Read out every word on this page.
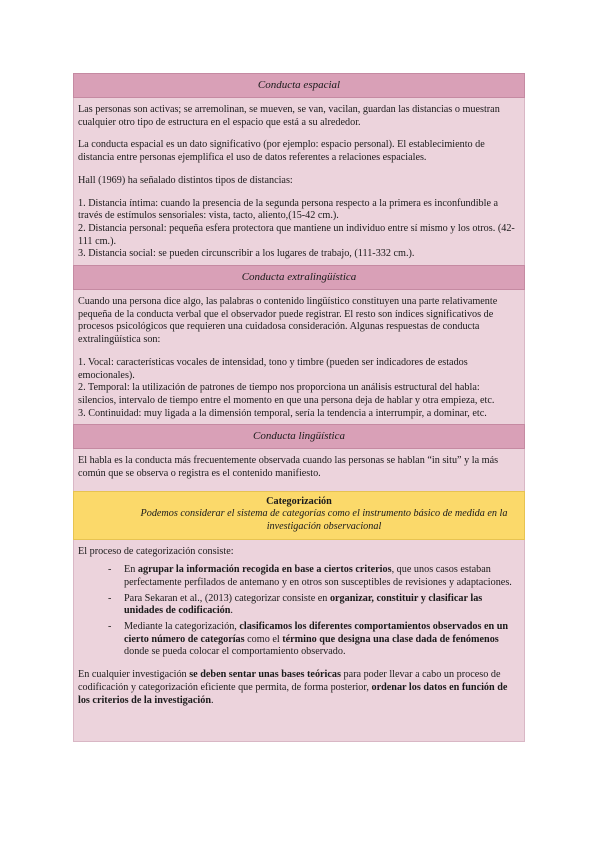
Conducta espacial

Las personas son activas; se arremolinan, se mueven, se van, vacilan, guardan las distancias o muestran cualquier otro tipo de estructura en el espacio que está a su alrededor.

La conducta espacial es un dato significativo (por ejemplo: espacio personal). El establecimiento de distancia entre personas ejemplifica el uso de datos referentes a relaciones espaciales.

Hall (1969) ha señalado distintos tipos de distancias:

1. Distancia íntima: cuando la presencia de la segunda persona respecto a la primera es inconfundible a través de estímulos sensoriales: vista, tacto, aliento,(15-42 cm.).
2. Distancia personal: pequeña esfera protectora que mantiene un individuo entre sí mismo y los otros. (42-111 cm.).
3. Distancia social: se pueden circunscribir a los lugares de trabajo, (111-332 cm.).
Conducta extralingüística

Cuando una persona dice algo, las palabras o contenido lingüístico constituyen una parte relativamente pequeña de la conducta verbal que el observador puede registrar. El resto son índices significativos de procesos psicológicos que requieren una cuidadosa consideración. Algunas respuestas de conducta extralingüística son:

1. Vocal: características vocales de intensidad, tono y timbre (pueden ser indicadores de estados emocionales).
2. Temporal: la utilización de patrones de tiempo nos proporciona un análisis estructural del habla: silencios, intervalo de tiempo entre el momento en que una persona deja de hablar y otra empieza, etc.
3. Continuidad: muy ligada a la dimensión temporal, sería la tendencia a interrumpir, a dominar, etc.
Conducta lingüística

El habla es la conducta más frecuentemente observada cuando las personas se hablan “in situ” y la más común que se observa o registra es el contenido manifiesto.

Categorización
Podemos considerar el sistema de categorías como el instrumento básico de medida en la investigación observacional

El proceso de categorización consiste:

- En agrupar la información recogida en base a ciertos criterios, que unos casos estaban perfectamente perfilados de antemano y en otros son susceptibles de revisiones y adaptaciones.
- Para Sekaran et al., (2013) categorizar consiste en organizar, constituir y clasificar las unidades de codificación.
- Mediante la categorización, clasificamos los diferentes comportamientos observados en un cierto número de categorías como el término que designa una clase dada de fenómenos donde se pueda colocar el comportamiento observado.

En cualquier investigación se deben sentar unas bases teóricas para poder llevar a cabo un proceso de codificación y categorización eficiente que permita, de forma posterior, ordenar los datos en función de los criterios de la investigación.
